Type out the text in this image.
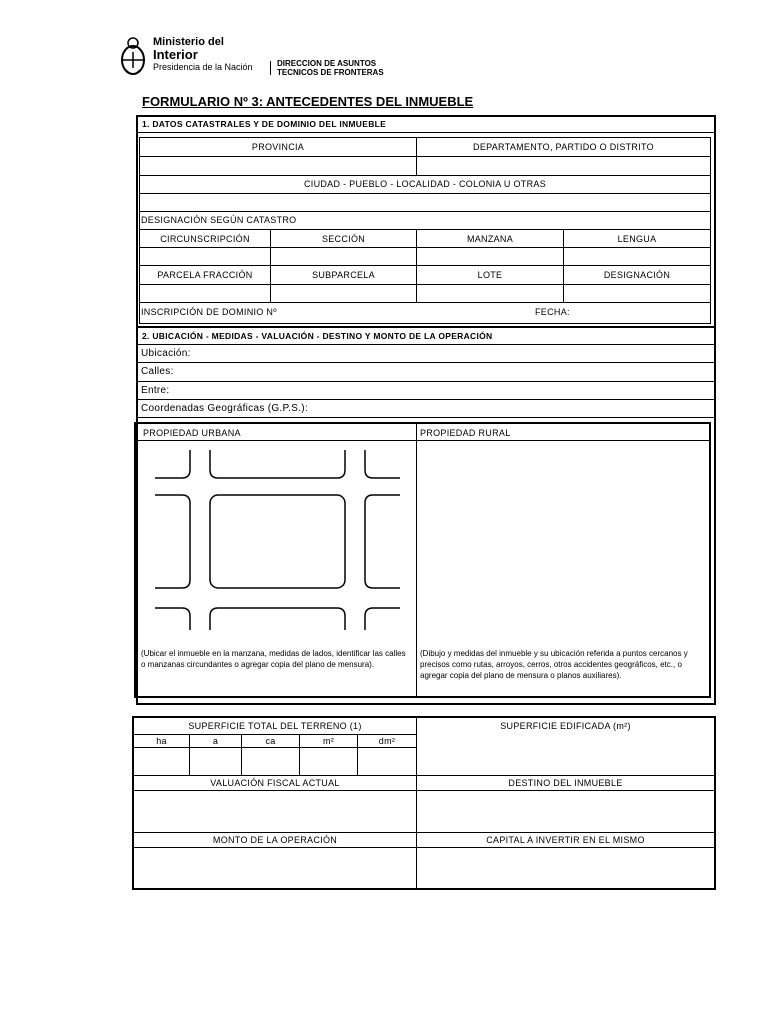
Ministerio del
Interior
Presidencia de la Nación	DIRECCION DE ASUNTOS
TECNICOS DE FRONTERAS
FORMULARIO Nº 3: ANTECEDENTES DEL INMUEBLE
1. DATOS CATASTRALES Y DE DOMINIO DEL INMUEBLE
PROVINCIA	DEPARTAMENTO, PARTIDO O DISTRITO
CIUDAD - PUEBLO - LOCALIDAD - COLONIA U OTRAS
DESIGNACIÓN SEGÚN CATASTRO
CIRCUNSCRIPCIÓN	SECCIÓN	MANZANA	LENGUA
PARCELA FRACCIÓN	SUBPARCELA	LOTE	DESIGNACIÓN
INSCRIPCIÓN DE DOMINIO Nº	FECHA:
2. UBICACIÓN - MEDIDAS - VALUACIÓN - DESTINO Y MONTO DE LA OPERACIÓN
Ubicación:
Calles:
Entre:
Coordenadas Geográficas (G.P.S.):
PROPIEDAD URBANA	PROPIEDAD RURAL
(Ubicar el inmueble en la manzana, medidas de lados, identificar las calles o manzanas circundantes o agregar copia del plano de mensura).
(Dibujo y medidas del inmueble y su ubicación referida a puntos cercanos y precisos como rutas, arroyos, cerros, otros accidentes geográficos, etc., o agregar copia del plano de mensura o planos auxiliares).
SUPERFICIE TOTAL DEL TERRENO (1)	SUPERFICIE EDIFICADA (m²)
ha	a	ca	m²	dm²
VALUACIÓN FISCAL ACTUAL	DESTINO DEL INMUEBLE
MONTO DE LA OPERACIÓN	CAPITAL A INVERTIR EN EL MISMO
